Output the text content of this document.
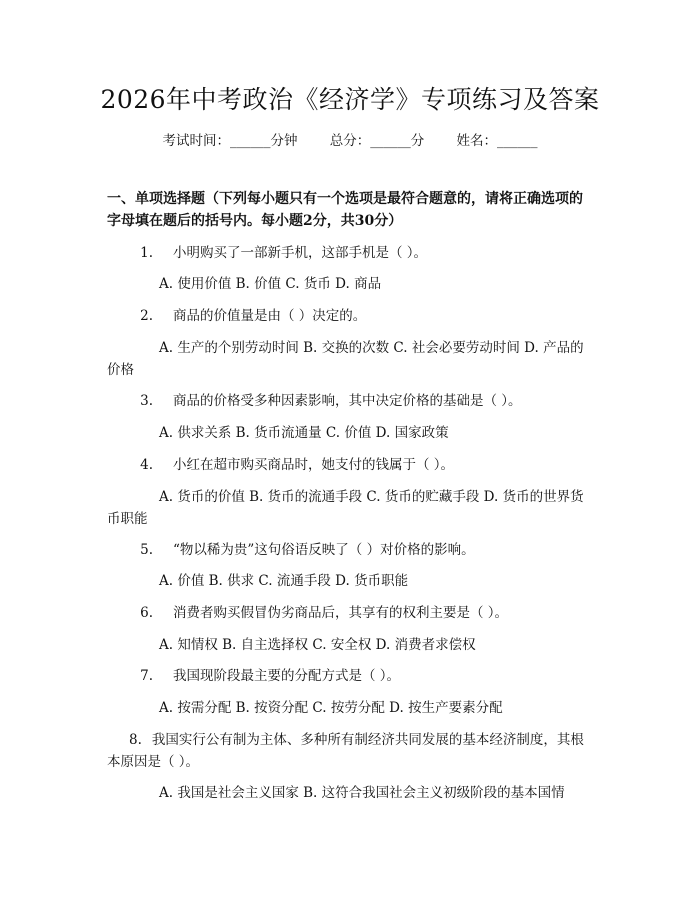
2026年中考政治《经济学》专项练习及答案
考试时间：______分钟 总分：______分 姓名：______
一、单项选择题（下列每小题只有一个选项是最符合题意的，请将正确选项的字母填在题后的括号内。每小题2分，共30分）
1. 小明购买了一部新手机，这部手机是（ ）。
A. 使用价值 B. 价值 C. 货币 D. 商品
2. 商品的价值量是由（ ）决定的。
A. 生产的个别劳动时间 B. 交换的次数 C. 社会必要劳动时间 D. 产品的价格
3. 商品的价格受多种因素影响，其中决定价格的基础是（ ）。
A. 供求关系 B. 货币流通量 C. 价值 D. 国家政策
4. 小红在超市购买商品时，她支付的钱属于（ ）。
A. 货币的价值 B. 货币的流通手段 C. 货币的贮藏手段 D. 货币的世界货币职能
5. “物以稀为贵”这句俗语反映了（ ）对价格的影响。
A. 价值 B. 供求 C. 流通手段 D. 货币职能
6. 消费者购买假冒伪劣商品后，其享有的权利主要是（ ）。
A. 知情权 B. 自主选择权 C. 安全权 D. 消费者求偿权
7. 我国现阶段最主要的分配方式是（ ）。
A. 按需分配 B. 按资分配 C. 按劳分配 D. 按生产要素分配
8. 我国实行公有制为主体、多种所有制经济共同发展的基本经济制度，其根本原因是（ ）。
A. 我国是社会主义国家 B. 这符合我国社会主义初级阶段的基本国情
